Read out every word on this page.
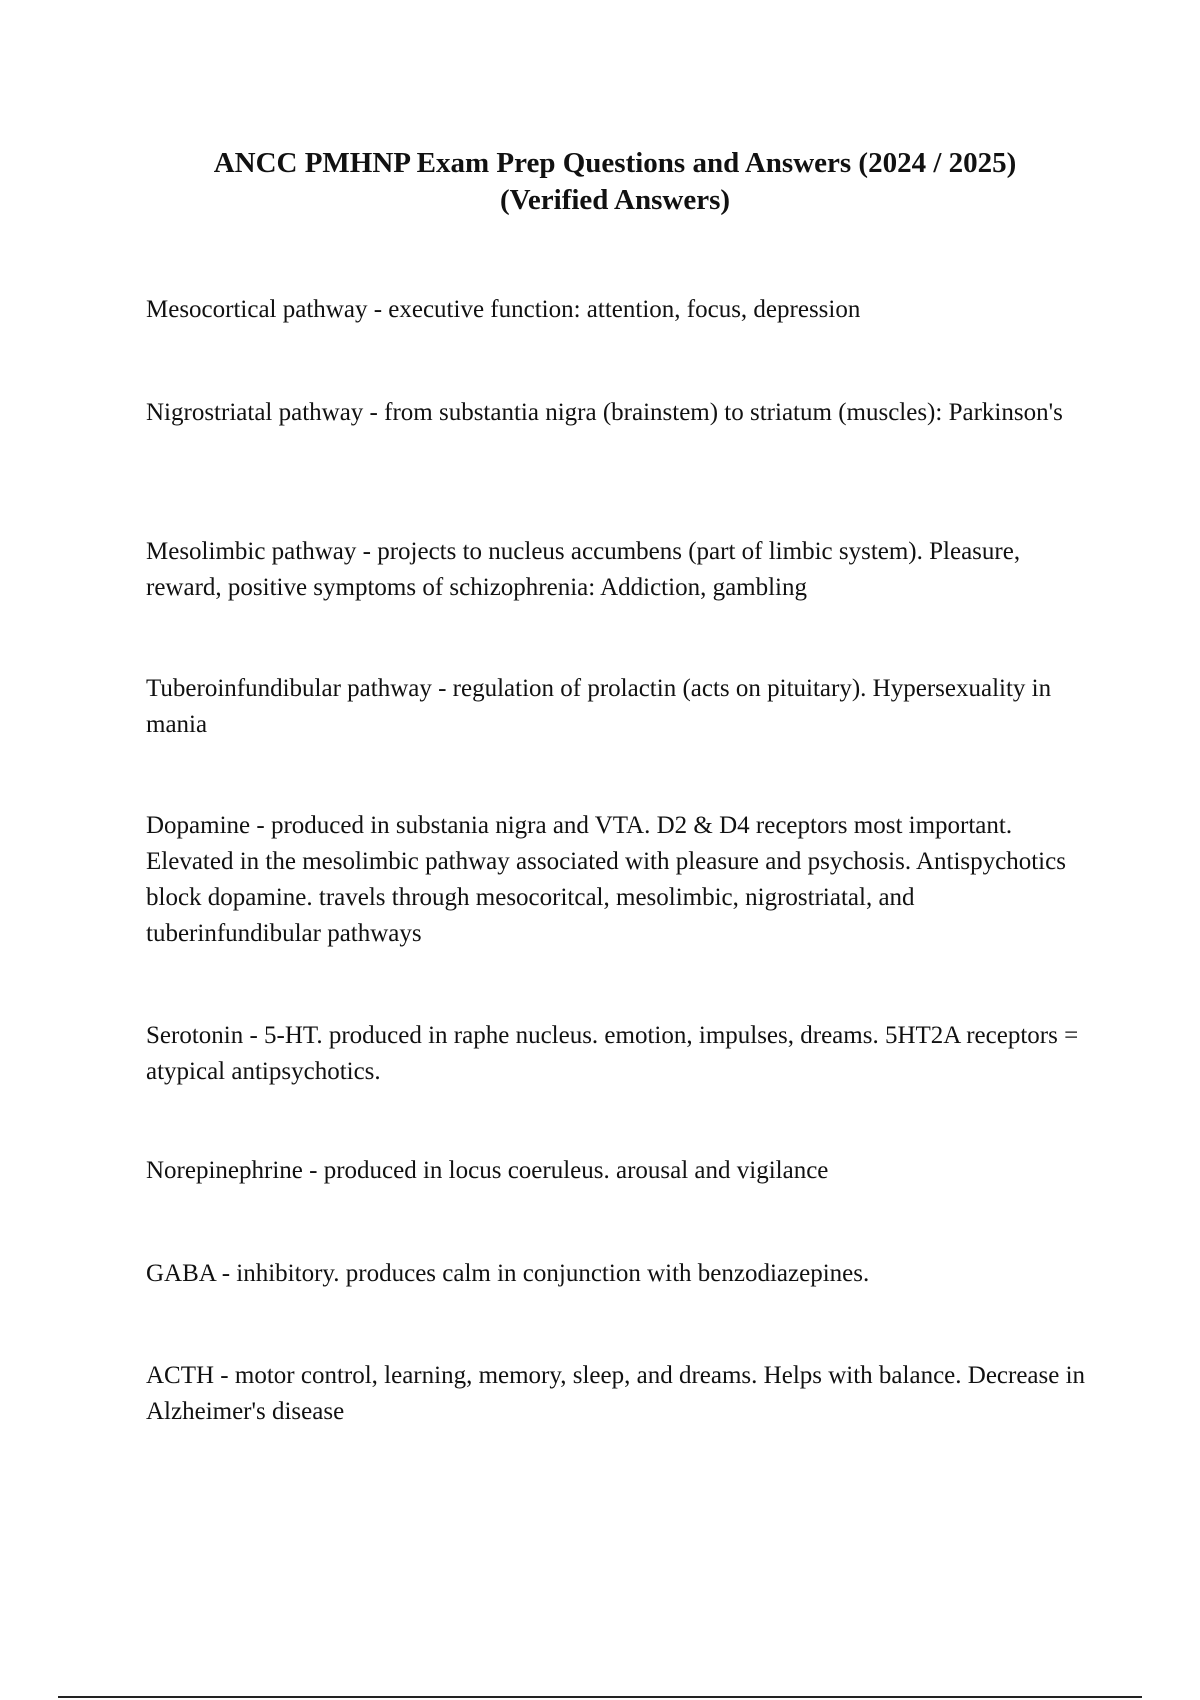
ANCC PMHNP Exam Prep Questions and Answers (2024 / 2025)
(Verified Answers)

Mesocortical pathway - executive function: attention, focus, depression

Nigrostriatal pathway - from substantia nigra (brainstem) to striatum (muscles): Parkinson's

Mesolimbic pathway - projects to nucleus accumbens (part of limbic system). Pleasure, reward, positive symptoms of schizophrenia: Addiction, gambling

Tuberoinfundibular pathway - regulation of prolactin (acts on pituitary). Hypersexuality in mania

Dopamine - produced in substania nigra and VTA. D2 & D4 receptors most important. Elevated in the mesolimbic pathway associated with pleasure and psychosis. Antispychotics block dopamine. travels through mesocoritcal, mesolimbic, nigrostriatal, and tuberinfundibular pathways

Serotonin - 5-HT. produced in raphe nucleus. emotion, impulses, dreams. 5HT2A receptors = atypical antipsychotics.

Norepinephrine - produced in locus coeruleus. arousal and vigilance

GABA - inhibitory. produces calm in conjunction with benzodiazepines.

ACTH - motor control, learning, memory, sleep, and dreams. Helps with balance. Decrease in Alzheimer's disease
